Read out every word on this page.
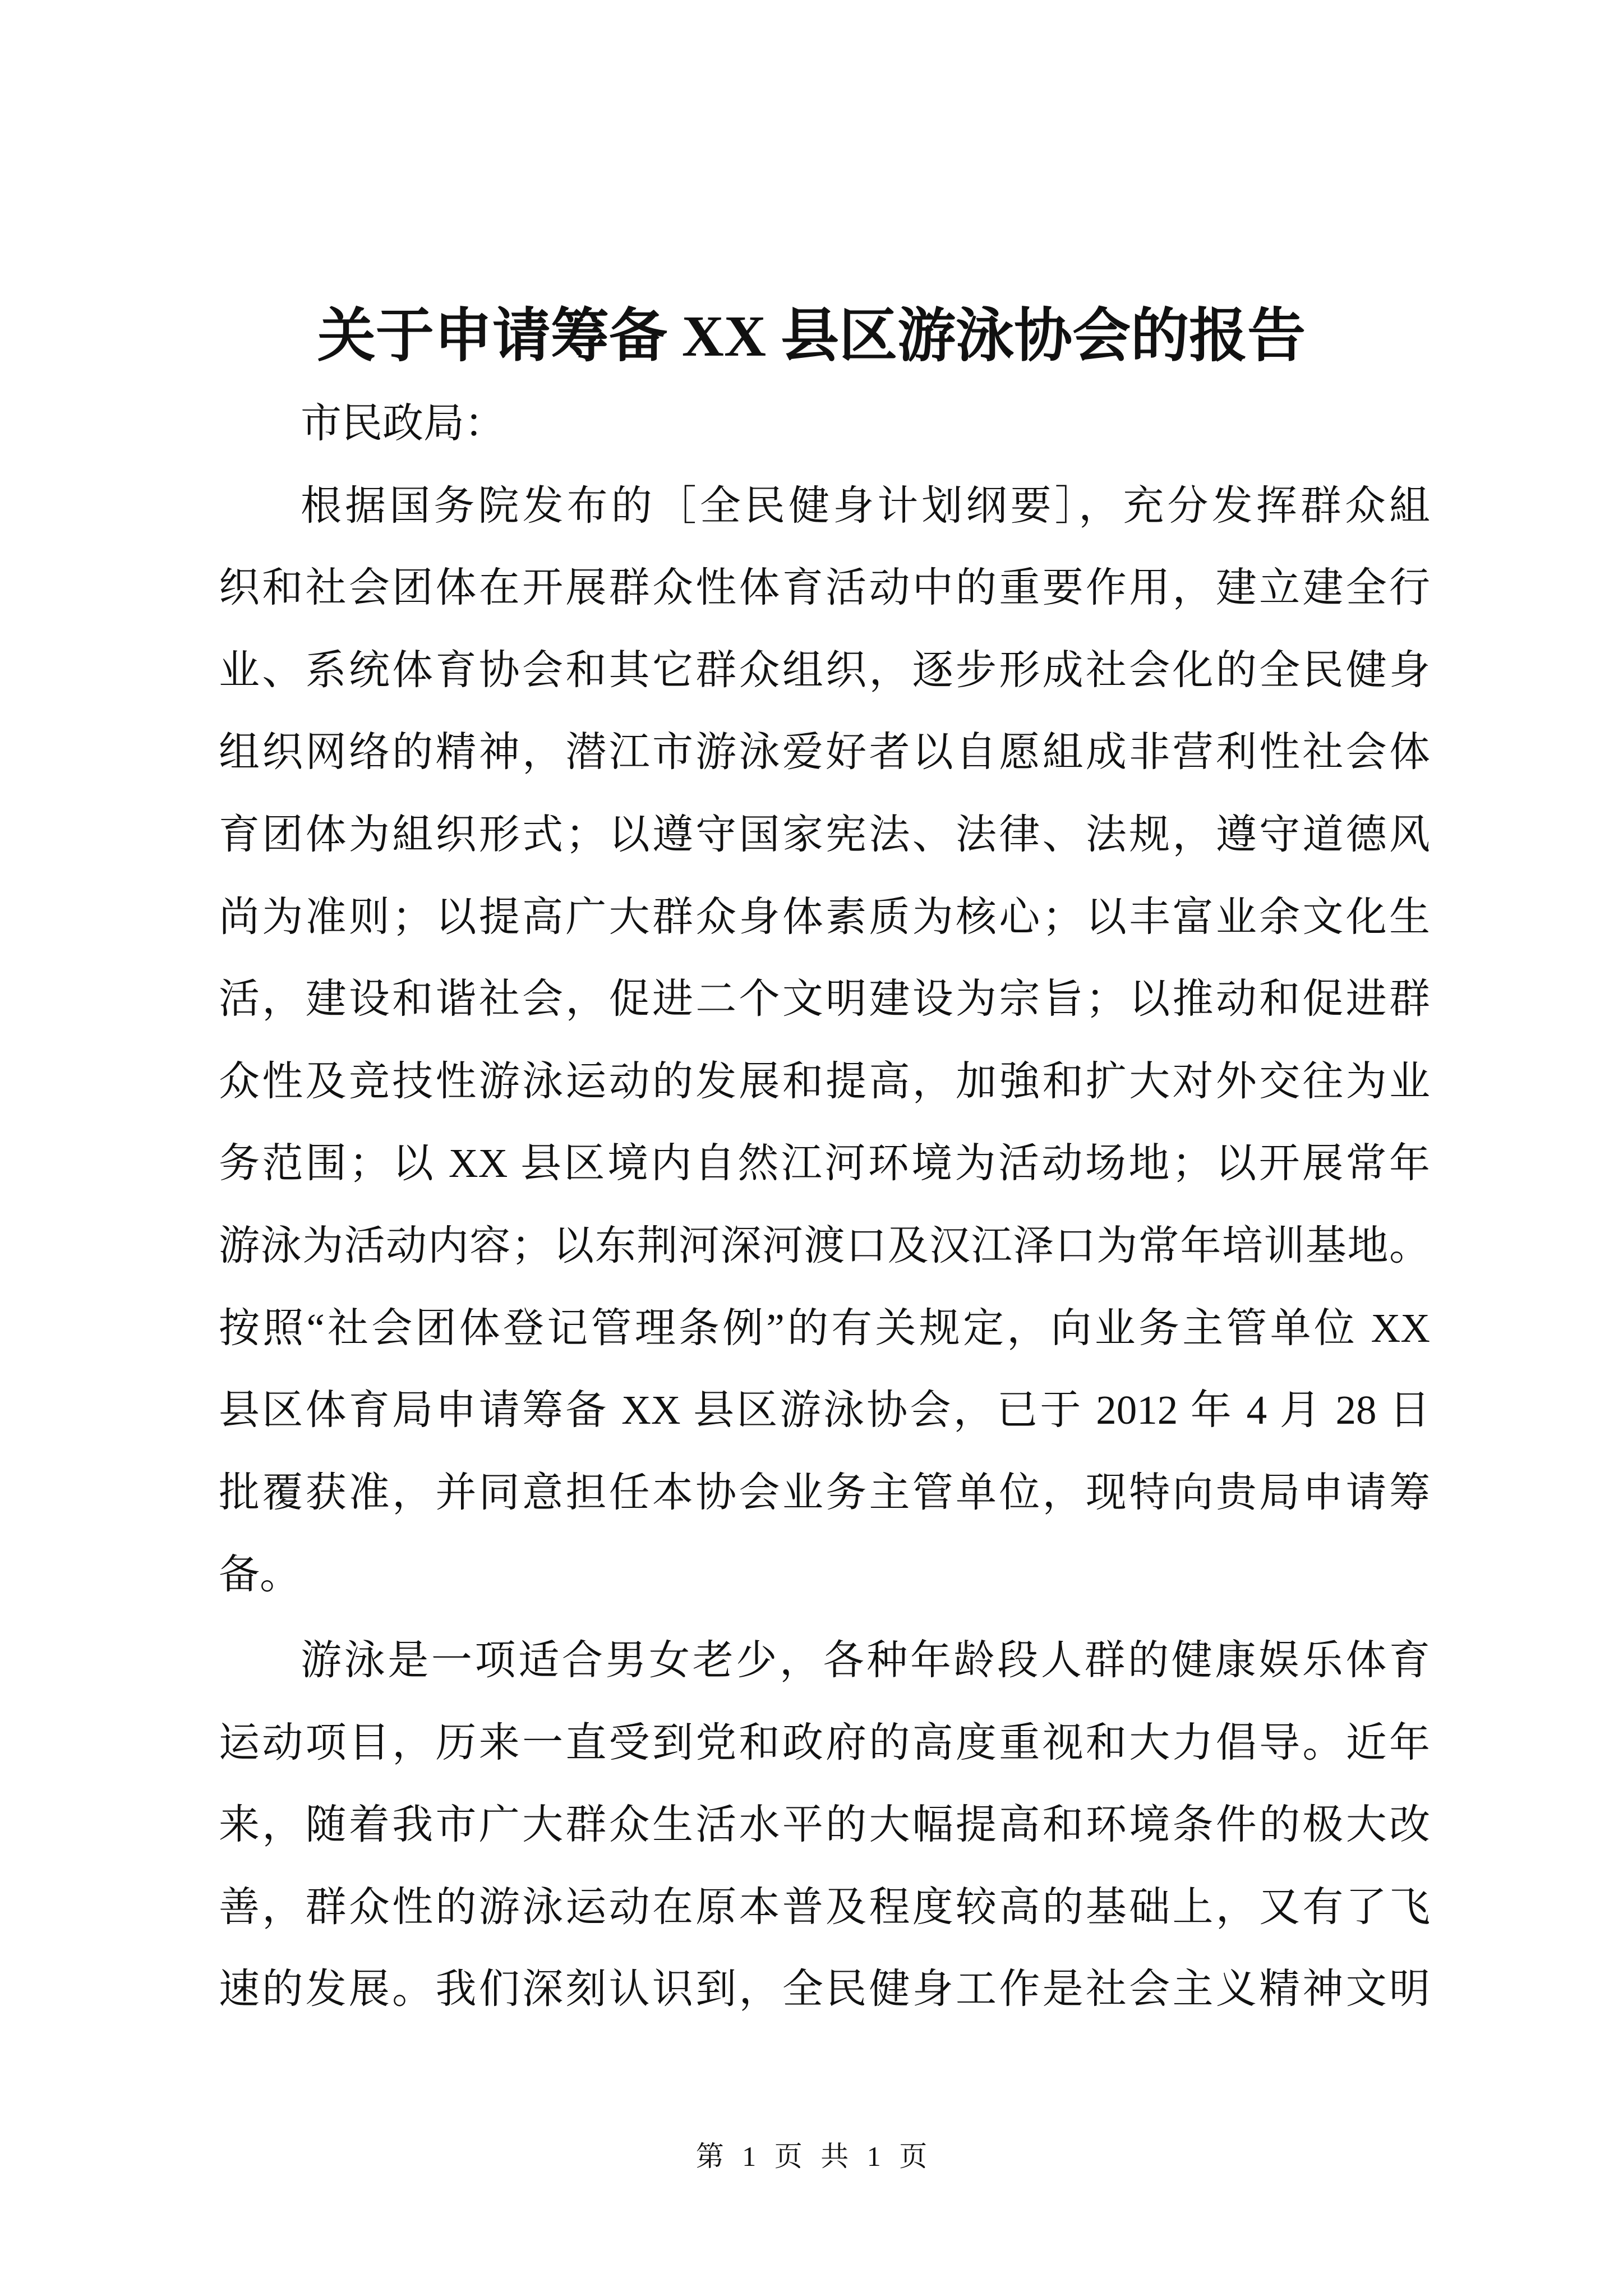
关于申请筹备 XX 县区游泳协会的报告
市民政局：
根据国务院发布的［全民健身计划纲要］，充分发挥群众組
织和社会团体在开展群众性体育活动中的重要作用，建立建全行
业、系统体育协会和其它群众组织，逐步形成社会化的全民健身
组织网络的精神，潜江市游泳爱好者以自愿組成非营利性社会体
育团体为組织形式；以遵守国家宪法、法律、法规，遵守道德风
尚为准则；以提高广大群众身体素质为核心；以丰富业余文化生
活，建设和谐社会，促进二个文明建设为宗旨；以推动和促进群
众性及竞技性游泳运动的发展和提高，加強和扩大对外交往为业
务范围；以 XX 县区境内自然江河环境为活动场地；以开展常年
游泳为活动内容；以东荆河深河渡口及汉江泽口为常年培训基地。
按照“社会团体登记管理条例”的有关规定，向业务主管单位 XX
县区体育局申请筹备 XX 县区游泳协会，已于 2012 年 4 月 28 日
批覆获准，并同意担任本协会业务主管单位，现特向贵局申请筹
备。
游泳是一项适合男女老少，各种年龄段人群的健康娱乐体育
运动项目，历来一直受到党和政府的高度重视和大力倡导。近年
来，随着我市广大群众生活水平的大幅提高和环境条件的极大改
善，群众性的游泳运动在原本普及程度较高的基础上，又有了飞
速的发展。我们深刻认识到，全民健身工作是社会主义精神文明
第 1 页 共 1 页
